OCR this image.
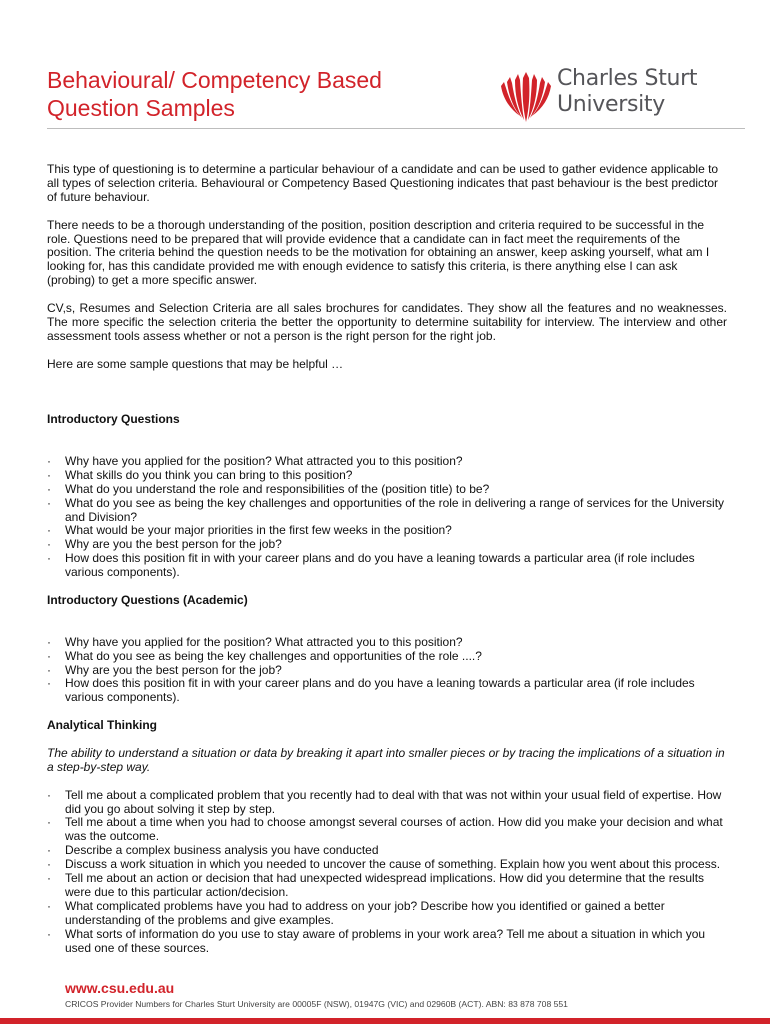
Behavioural/ Competency Based
Question Samples
Charles Sturt
University

This type of questioning is to determine a particular behaviour of a candidate and can be used to gather evidence applicable to all types of selection criteria. Behavioural or Competency Based Questioning indicates that past behaviour is the best predictor of future behaviour.

There needs to be a thorough understanding of the position, position description and criteria required to be successful in the role. Questions need to be prepared that will provide evidence that a candidate can in fact meet the requirements of the position. The criteria behind the question needs to be the motivation for obtaining an answer, keep asking yourself, what am I looking for, has this candidate provided me with enough evidence to satisfy this criteria, is there anything else I can ask (probing) to get a more specific answer.

CV,s, Resumes and Selection Criteria are all sales brochures for candidates. They show all the features and no weaknesses. The more specific the selection criteria the better the opportunity to determine suitability for interview. The interview and other assessment tools assess whether or not a person is the right person for the right job.

Here are some sample questions that may be helpful …

Introductory Questions

· Why have you applied for the position? What attracted you to this position?
· What skills do you think you can bring to this position?
· What do you understand the role and responsibilities of the (position title) to be?
· What do you see as being the key challenges and opportunities of the role in delivering a range of services for the University and Division?
· What would be your major priorities in the first few weeks in the position?
· Why are you the best person for the job?
· How does this position fit in with your career plans and do you have a leaning towards a particular area (if role includes various components).

Introductory Questions (Academic)

· Why have you applied for the position? What attracted you to this position?
· What do you see as being the key challenges and opportunities of the role ....?
· Why are you the best person for the job?
· How does this position fit in with your career plans and do you have a leaning towards a particular area (if role includes various components).

Analytical Thinking

The ability to understand a situation or data by breaking it apart into smaller pieces or by tracing the implications of a situation in a step-by-step way.

· Tell me about a complicated problem that you recently had to deal with that was not within your usual field of expertise. How did you go about solving it step by step.
· Tell me about a time when you had to choose amongst several courses of action. How did you make your decision and what was the outcome.
· Describe a complex business analysis you have conducted
· Discuss a work situation in which you needed to uncover the cause of something. Explain how you went about this process.
· Tell me about an action or decision that had unexpected widespread implications. How did you determine that the results were due to this particular action/decision.
· What complicated problems have you had to address on your job? Describe how you identified or gained a better understanding of the problems and give examples.
· What sorts of information do you use to stay aware of problems in your work area? Tell me about a situation in which you used one of these sources.
www.csu.edu.au
CRICOS Provider Numbers for Charles Sturt University are 00005F (NSW), 01947G (VIC) and 02960B (ACT). ABN: 83 878 708 551
